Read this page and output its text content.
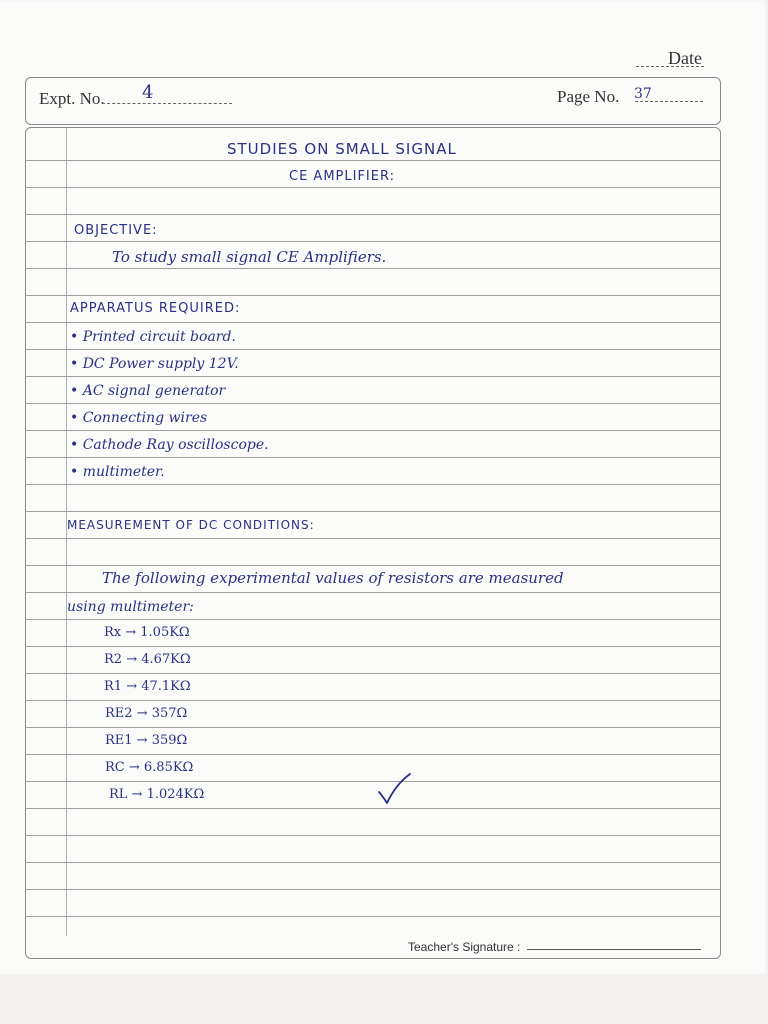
Date
Expt. No. 4	Page No. 37
STUDIES ON SMALL SIGNAL
CE AMPLIFIER:
OBJECTIVE:
To study small signal CE Amplifiers.
APPARATUS REQUIRED:
• Printed circuit board.
• DC Power supply 12V.
• AC signal generator
• Connecting wires
• Cathode Ray oscilloscope.
• multimeter.
MEASUREMENT OF DC CONDITIONS:
The following experimental values of resistors are measured
using multimeter:
Rx → 1.05KΩ
R2 → 4.67KΩ
R1 → 47.1KΩ
RE2 → 357Ω
RE1 → 359Ω
RC → 6.85KΩ
RL → 1.024KΩ
Teacher's Signature :
